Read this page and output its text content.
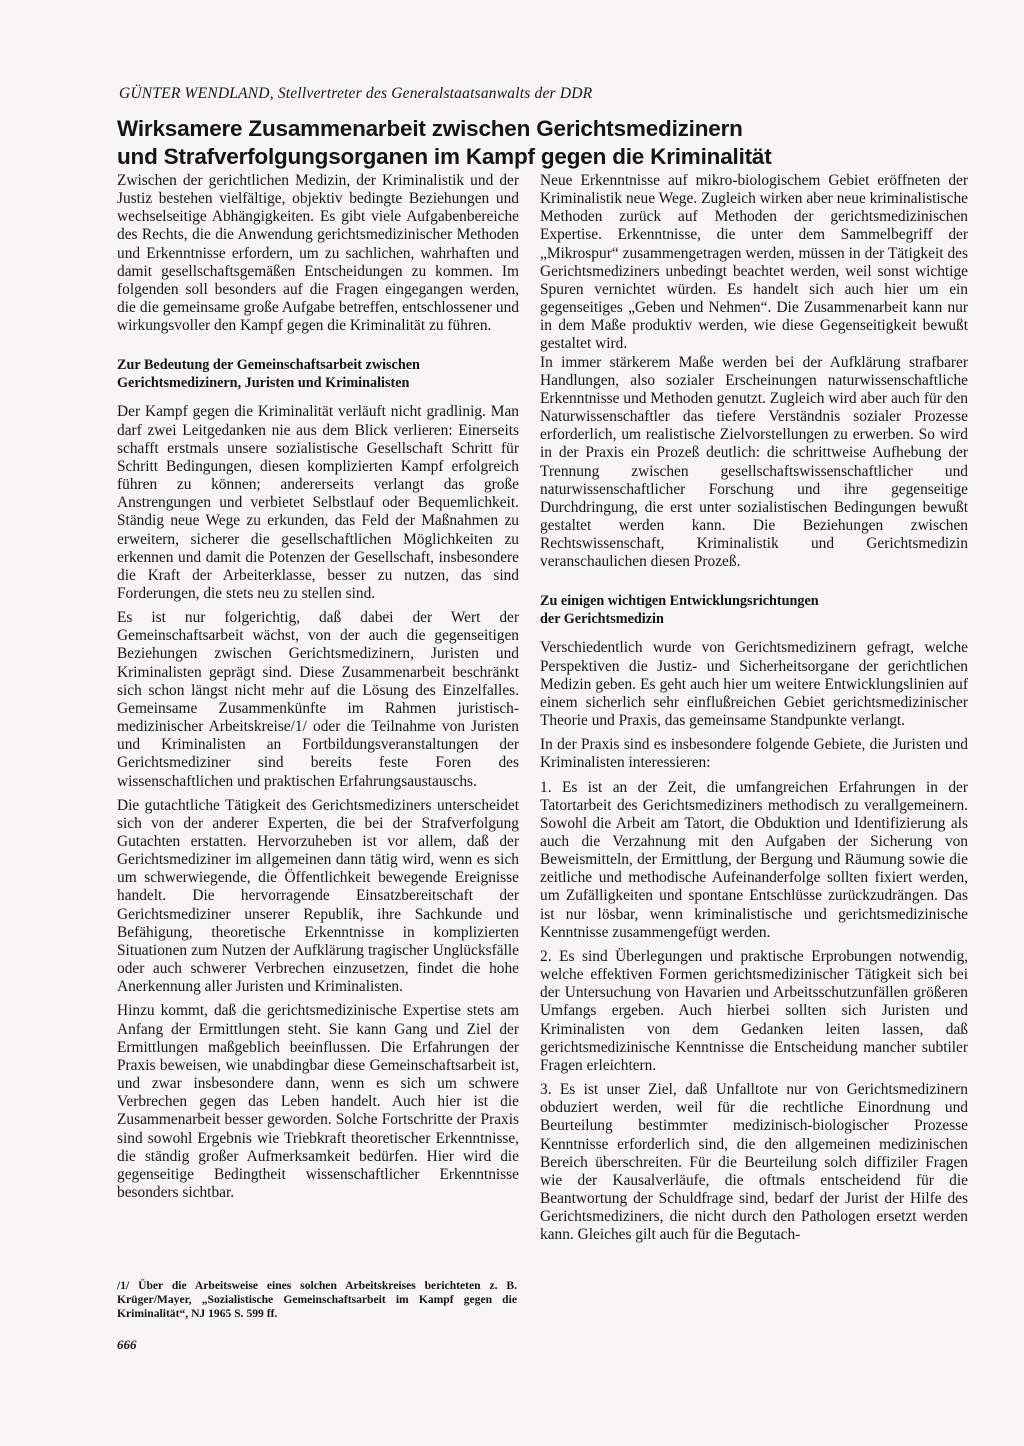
GÜNTER WENDLAND, Stellvertreter des Generalstaatsanwalts der DDR
Wirksamere Zusammenarbeit zwischen Gerichtsmedizinern
und Strafverfolgungsorganen im Kampf gegen die Kriminalität

Zwischen der gerichtlichen Medizin, der Kriminalistik und der Justiz bestehen vielfältige, objektiv bedingte Beziehungen und wechselseitige Abhängigkeiten. Es gibt viele Aufgabenbereiche des Rechts, die die Anwendung gerichtsmedizinischer Methoden und Erkenntnisse erfordern, um zu sachlichen, wahrhaften und damit gesellschaftsgemäßen Entscheidungen zu kommen. Im folgenden soll besonders auf die Fragen eingegangen werden, die die gemeinsame große Aufgabe betreffen, entschlossener und wirkungsvoller den Kampf gegen die Kriminalität zu führen.

Zur Bedeutung der Gemeinschaftsarbeit zwischen
Gerichtsmedizinern, Juristen und Kriminalisten

Der Kampf gegen die Kriminalität verläuft nicht gradlinig. Man darf zwei Leitgedanken nie aus dem Blick verlieren: Einerseits schafft erstmals unsere sozialistische Gesellschaft Schritt für Schritt Bedingungen, diesen komplizierten Kampf erfolgreich führen zu können; andererseits verlangt das große Anstrengungen und verbietet Selbstlauf oder Bequemlichkeit. Ständig neue Wege zu erkunden, das Feld der Maßnahmen zu erweitern, sicherer die gesellschaftlichen Möglichkeiten zu erkennen und damit die Potenzen der Gesellschaft, insbesondere die Kraft der Arbeiterklasse, besser zu nutzen, das sind Forderungen, die stets neu zu stellen sind.

Es ist nur folgerichtig, daß dabei der Wert der Gemeinschaftsarbeit wächst, von der auch die gegenseitigen Beziehungen zwischen Gerichtsmedizinern, Juristen und Kriminalisten geprägt sind. Diese Zusammenarbeit beschränkt sich schon längst nicht mehr auf die Lösung des Einzelfalles. Gemeinsame Zusammenkünfte im Rahmen juristisch-medizinischer Arbeitskreise/1/ oder die Teilnahme von Juristen und Kriminalisten an Fortbildungsveranstaltungen der Gerichtsmediziner sind bereits feste Foren des wissenschaftlichen und praktischen Erfahrungsaustauschs.

Die gutachtliche Tätigkeit des Gerichtsmediziners unterscheidet sich von der anderer Experten, die bei der Strafverfolgung Gutachten erstatten. Hervorzuheben ist vor allem, daß der Gerichtsmediziner im allgemeinen dann tätig wird, wenn es sich um schwerwiegende, die Öffentlichkeit bewegende Ereignisse handelt. Die hervorragende Einsatzbereitschaft der Gerichtsmediziner unserer Republik, ihre Sachkunde und Befähigung, theoretische Erkenntnisse in komplizierten Situationen zum Nutzen der Aufklärung tragischer Unglücksfälle oder auch schwerer Verbrechen einzusetzen, findet die hohe Anerkennung aller Juristen und Kriminalisten.

Hinzu kommt, daß die gerichtsmedizinische Expertise stets am Anfang der Ermittlungen steht. Sie kann Gang und Ziel der Ermittlungen maßgeblich beeinflussen. Die Erfahrungen der Praxis beweisen, wie unabdingbar diese Gemeinschaftsarbeit ist, und zwar insbesondere dann, wenn es sich um schwere Verbrechen gegen das Leben handelt. Auch hier ist die Zusammenarbeit besser geworden. Solche Fortschritte der Praxis sind sowohl Ergebnis wie Triebkraft theoretischer Erkenntnisse, die ständig großer Aufmerksamkeit bedürfen. Hier wird die gegenseitige Bedingtheit wissenschaftlicher Erkenntnisse besonders sichtbar.

Neue Erkenntnisse auf mikro-biologischem Gebiet eröffneten der Kriminalistik neue Wege. Zugleich wirken aber neue kriminalistische Methoden zurück auf Methoden der gerichtsmedizinischen Expertise. Erkenntnisse, die unter dem Sammelbegriff der „Mikrospur“ zusammengetragen werden, müssen in der Tätigkeit des Gerichtsmediziners unbedingt beachtet werden, weil sonst wichtige Spuren vernichtet würden. Es handelt sich auch hier um ein gegenseitiges „Geben und Nehmen“. Die Zusammenarbeit kann nur in dem Maße produktiv werden, wie diese Gegenseitigkeit bewußt gestaltet wird.

In immer stärkerem Maße werden bei der Aufklärung strafbarer Handlungen, also sozialer Erscheinungen naturwissenschaftliche Erkenntnisse und Methoden genutzt. Zugleich wird aber auch für den Naturwissenschaftler das tiefere Verständnis sozialer Prozesse erforderlich, um realistische Zielvorstellungen zu erwerben. So wird in der Praxis ein Prozeß deutlich: die schrittweise Aufhebung der Trennung zwischen gesellschaftswissenschaftlicher und naturwissenschaftlicher Forschung und ihre gegenseitige Durchdringung, die erst unter sozialistischen Bedingungen bewußt gestaltet werden kann. Die Beziehungen zwischen Rechtswissenschaft, Kriminalistik und Gerichtsmedizin veranschaulichen diesen Prozeß.

Zu einigen wichtigen Entwicklungsrichtungen
der Gerichtsmedizin

Verschiedentlich wurde von Gerichtsmedizinern gefragt, welche Perspektiven die Justiz- und Sicherheitsorgane der gerichtlichen Medizin geben. Es geht auch hier um weitere Entwicklungslinien auf einem sicherlich sehr einflußreichen Gebiet gerichtsmedizinischer Theorie und Praxis, das gemeinsame Standpunkte verlangt.

In der Praxis sind es insbesondere folgende Gebiete, die Juristen und Kriminalisten interessieren:

1. Es ist an der Zeit, die umfangreichen Erfahrungen in der Tatortarbeit des Gerichtsmediziners methodisch zu verallgemeinern. Sowohl die Arbeit am Tatort, die Obduktion und Identifizierung als auch die Verzahnung mit den Aufgaben der Sicherung von Beweismitteln, der Ermittlung, der Bergung und Räumung sowie die zeitliche und methodische Aufeinanderfolge sollten fixiert werden, um Zufälligkeiten und spontane Entschlüsse zurückzudrängen. Das ist nur lösbar, wenn kriminalistische und gerichtsmedizinische Kenntnisse zusammengefügt werden.

2. Es sind Überlegungen und praktische Erprobungen notwendig, welche effektiven Formen gerichtsmedizinischer Tätigkeit sich bei der Untersuchung von Havarien und Arbeitsschutzunfällen größeren Umfangs ergeben. Auch hierbei sollten sich Juristen und Kriminalisten von dem Gedanken leiten lassen, daß gerichtsmedizinische Kenntnisse die Entscheidung mancher subtiler Fragen erleichtern.

3. Es ist unser Ziel, daß Unfalltote nur von Gerichtsmedizinern obduziert werden, weil für die rechtliche Einordnung und Beurteilung bestimmter medizinisch-biologischer Prozesse Kenntnisse erforderlich sind, die den allgemeinen medizinischen Bereich überschreiten. Für die Beurteilung solch diffiziler Fragen wie der Kausalverläufe, die oftmals entscheidend für die Beantwortung der Schuldfrage sind, bedarf der Jurist der Hilfe des Gerichtsmediziners, die nicht durch den Pathologen ersetzt werden kann. Gleiches gilt auch für die Begutach-

/1/ Über die Arbeitsweise eines solchen Arbeitskreises berichteten z. B. Krüger/Mayer, „Sozialistische Gemeinschaftsarbeit im Kampf gegen die Kriminalität“, NJ 1965 S. 599 ff.
666
